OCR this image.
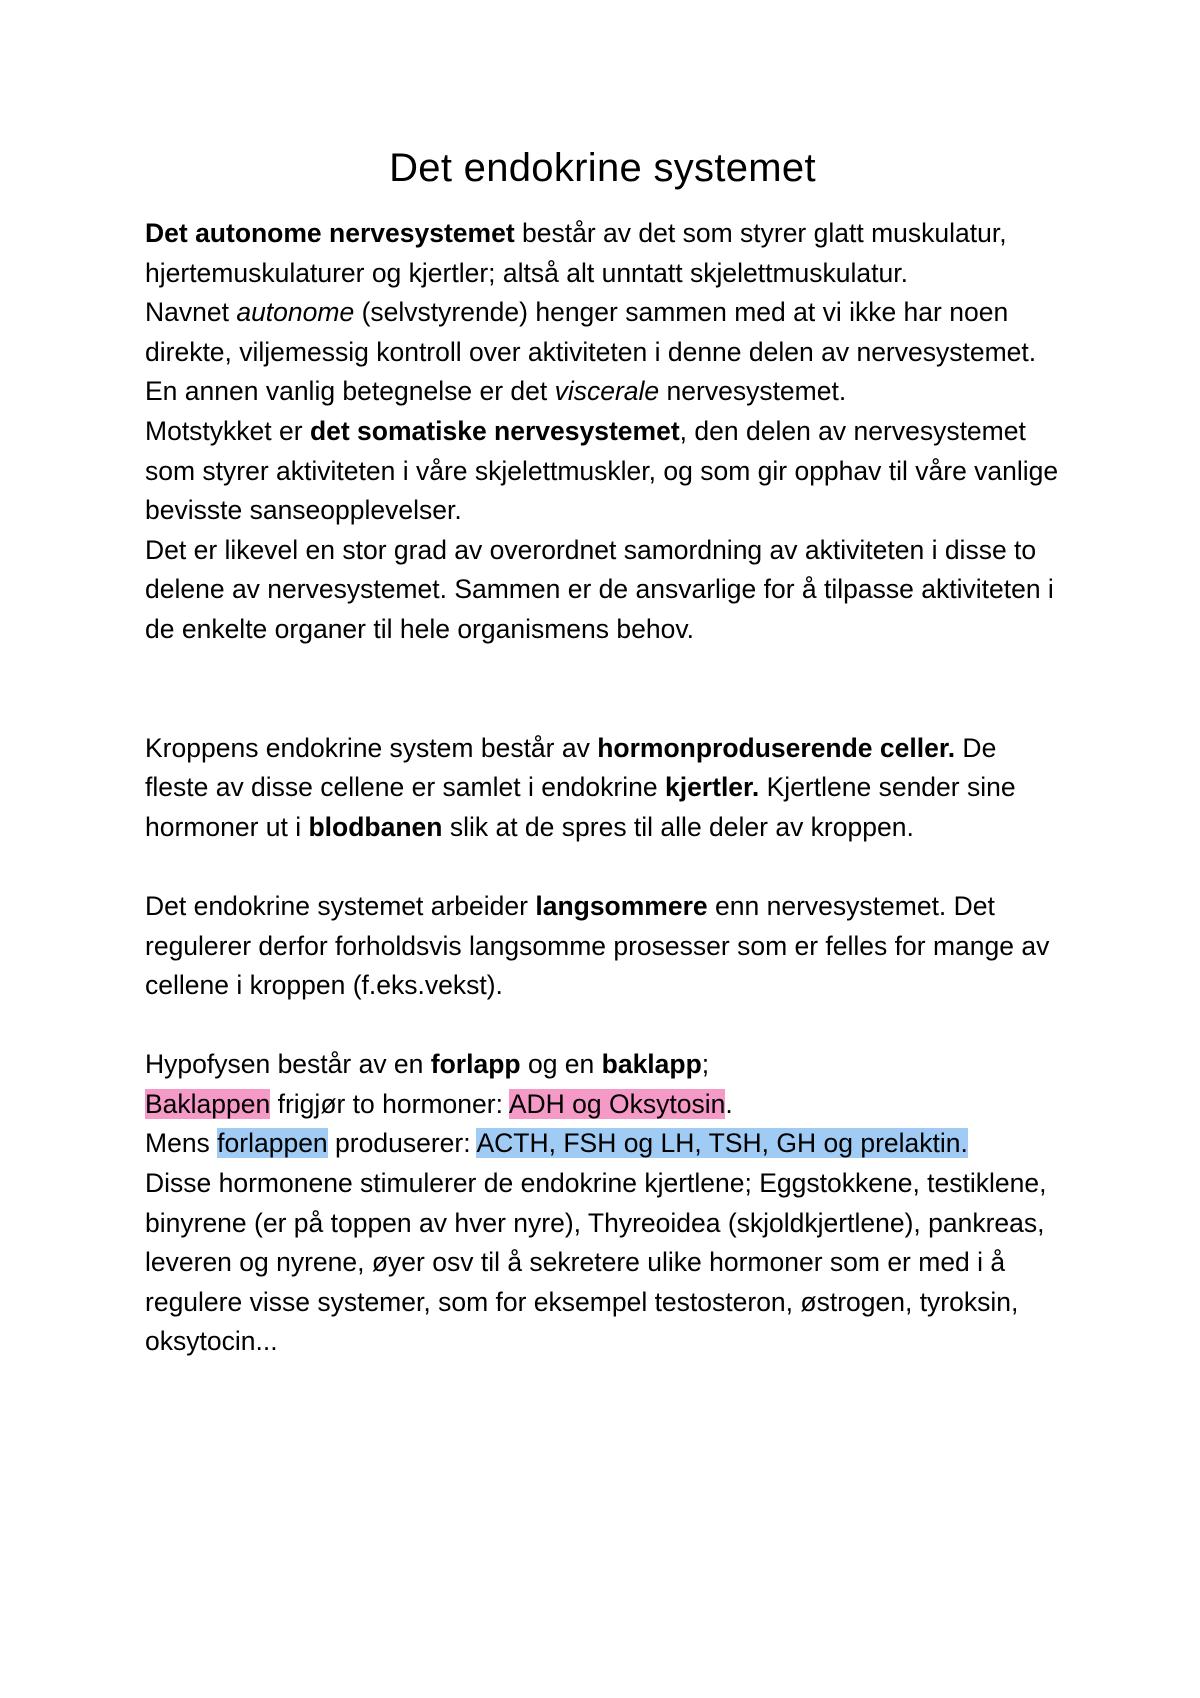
Det endokrine systemet

Det autonome nervesystemet består av det som styrer glatt muskulatur, hjertemuskulaturer og kjertler; altså alt unntatt skjelettmuskulatur.

Navnet autonome (selvstyrende) henger sammen med at vi ikke har noen direkte, viljemessig kontroll over aktiviteten i denne delen av nervesystemet. En annen vanlig betegnelse er det viscerale nervesystemet.

Motstykket er det somatiske nervesystemet, den delen av nervesystemet som styrer aktiviteten i våre skjelettmuskler, og som gir opphav til våre vanlige bevisste sanseopplevelser.

Det er likevel en stor grad av overordnet samordning av aktiviteten i disse to delene av nervesystemet. Sammen er de ansvarlige for å tilpasse aktiviteten i de enkelte organer til hele organismens behov.

Kroppens endokrine system består av hormonproduserende celler. De fleste av disse cellene er samlet i endokrine kjertler. Kjertlene sender sine hormoner ut i blodbanen slik at de spres til alle deler av kroppen.

Det endokrine systemet arbeider langsommere enn nervesystemet. Det regulerer derfor forholdsvis langsomme prosesser som er felles for mange av cellene i kroppen (f.eks.vekst).

Hypofysen består av en forlapp og en baklapp;

Baklappen frigjør to hormoner: ADH og Oksytosin.

Mens forlappen produserer: ACTH, FSH og LH, TSH, GH og prelaktin.

Disse hormonene stimulerer de endokrine kjertlene; Eggstokkene, testiklene, binyrene (er på toppen av hver nyre), Thyreoidea (skjoldkjertlene), pankreas, leveren og nyrene, øyer osv til å sekretere ulike hormoner som er med i å regulere visse systemer, som for eksempel testosteron, østrogen, tyroksin, oksytocin...
